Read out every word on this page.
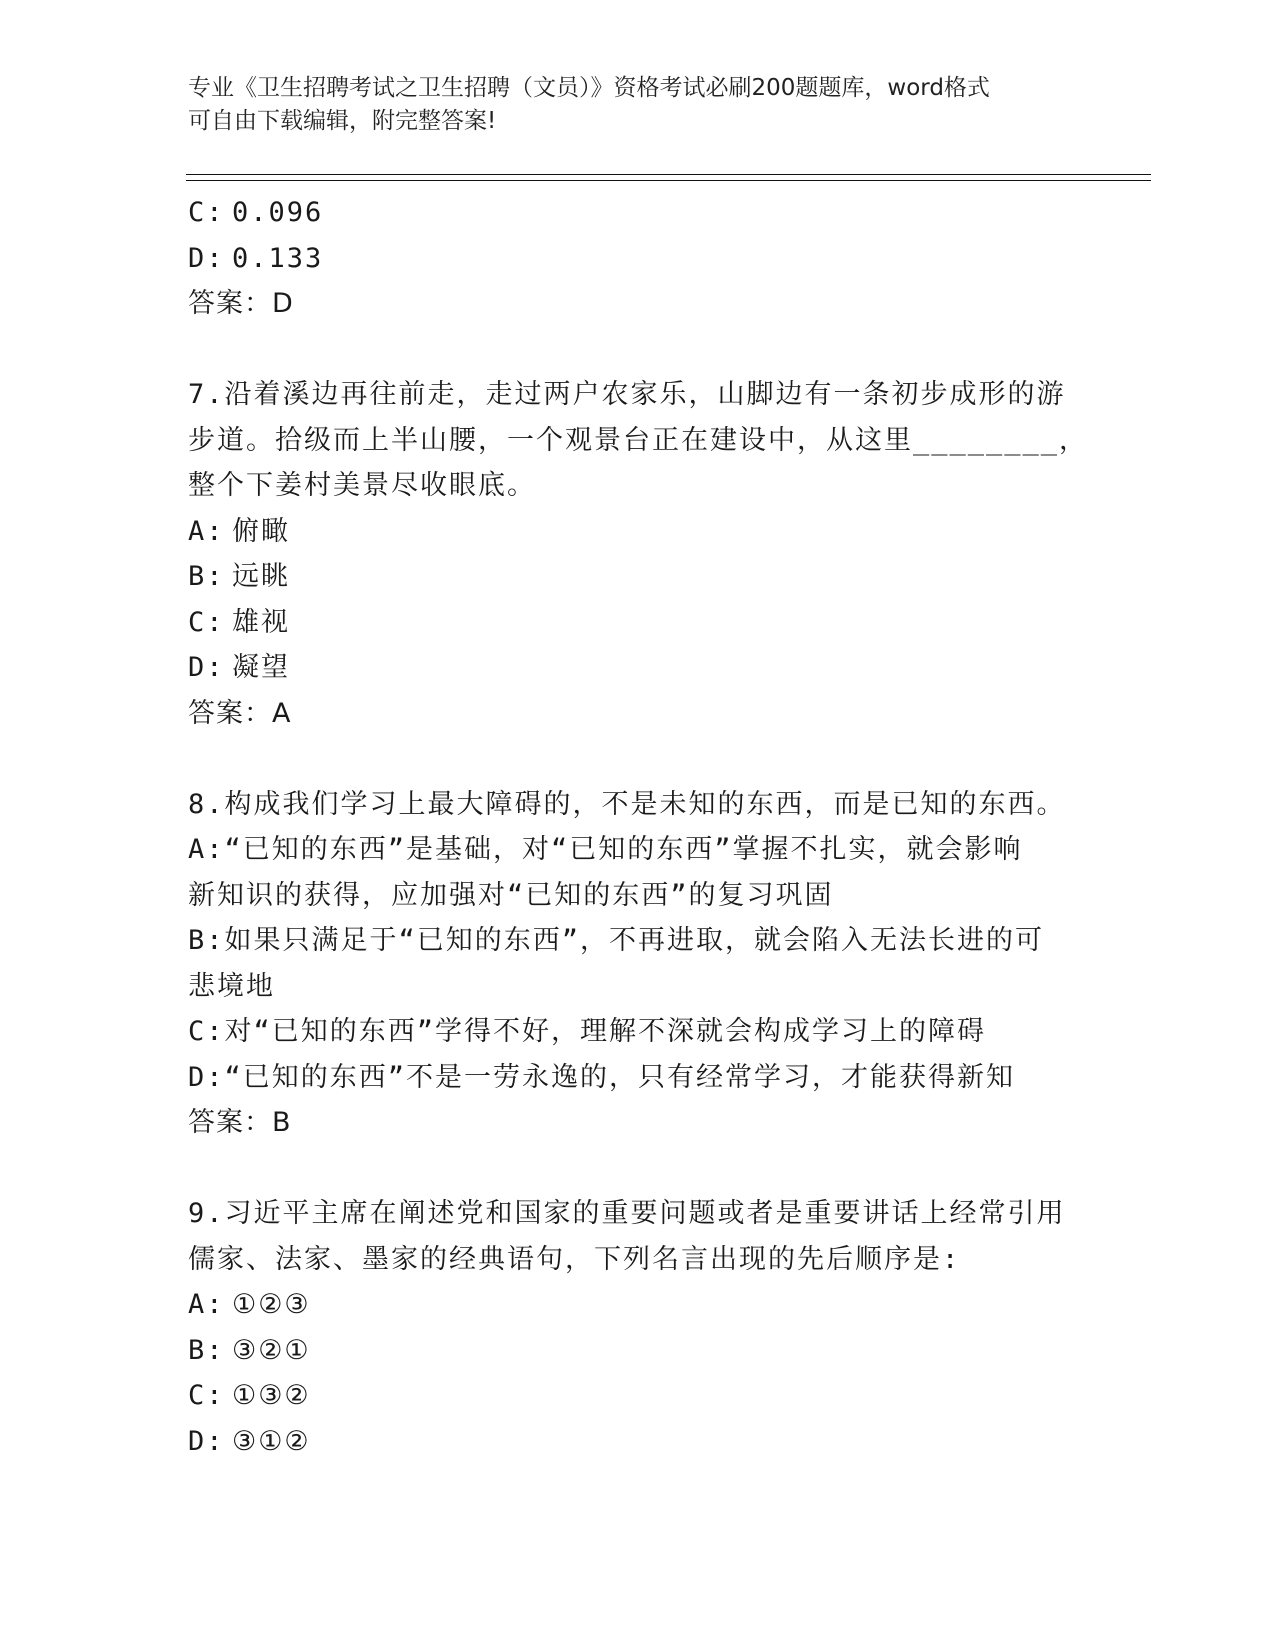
专业《卫生招聘考试之卫生招聘（文员）》资格考试必刷200题题库，word格式
可自由下载编辑，附完整答案!

C: 0.096

D: 0.133

答案：D

7.沿着溪边再往前走，走过两户农家乐，山脚边有一条初步成形的游

步道。拾级而上半山腰，一个观景台正在建设中，从这里________，

整个下姜村美景尽收眼底。

A: 俯瞰

B: 远眺

C: 雄视

D: 凝望

答案：A

8.构成我们学习上最大障碍的，不是未知的东西，而是已知的东西。

A:“已知的东西”是基础，对“已知的东西”掌握不扎实，就会影响

新知识的获得，应加强对“已知的东西”的复习巩固

B:如果只满足于“已知的东西”，不再进取，就会陷入无法长进的可

悲境地

C:对“已知的东西”学得不好，理解不深就会构成学习上的障碍

D:“已知的东西”不是一劳永逸的，只有经常学习，才能获得新知

答案：B

9.习近平主席在阐述党和国家的重要问题或者是重要讲话上经常引用

儒家、法家、墨家的经典语句，下列名言出现的先后顺序是:

A: ①②③

B: ③②①

C: ①③②

D: ③①②
